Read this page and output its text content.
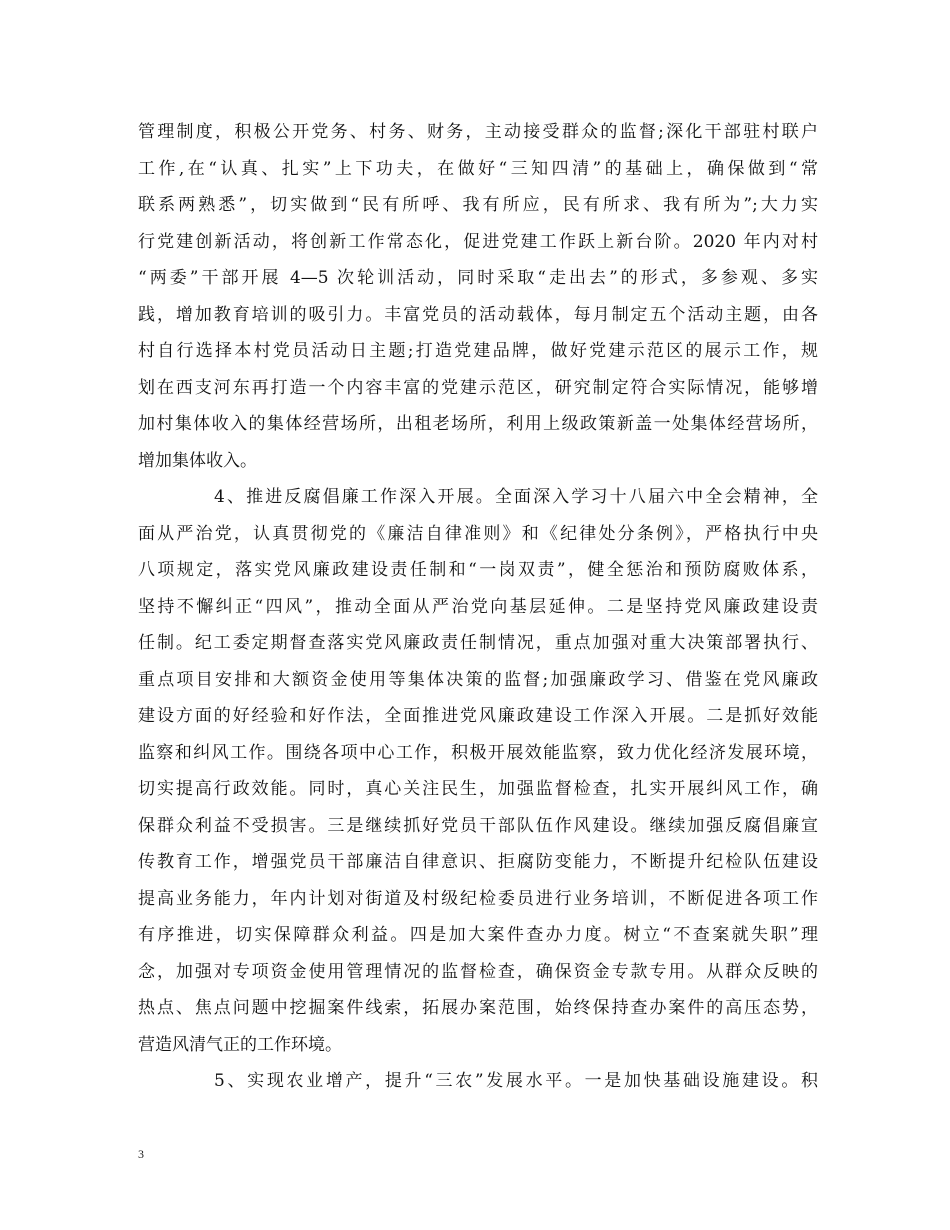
管理制度，积极公开党务、村务、财务，主动接受群众的监督;深化干部驻村联户
工作,在“认真、扎实”上下功夫，在做好“三知四清”的基础上，确保做到“常
联系两熟悉”，切实做到“民有所呼、我有所应，民有所求、我有所为”;大力实
行党建创新活动，将创新工作常态化，促进党建工作跃上新台阶。2020 年内对村
“两委”干部开展 4—5 次轮训活动，同时采取“走出去”的形式，多参观、多实
践，增加教育培训的吸引力。丰富党员的活动载体，每月制定五个活动主题，由各
村自行选择本村党员活动日主题;打造党建品牌，做好党建示范区的展示工作，规
划在西支河东再打造一个内容丰富的党建示范区，研究制定符合实际情况，能够增
加村集体收入的集体经营场所，出租老场所，利用上级政策新盖一处集体经营场所，
增加集体收入。
4、推进反腐倡廉工作深入开展。全面深入学习十八届六中全会精神，全
面从严治党，认真贯彻党的《廉洁自律准则》和《纪律处分条例》，严格执行中央
八项规定，落实党风廉政建设责任制和“一岗双责”，健全惩治和预防腐败体系，
坚持不懈纠正“四风”，推动全面从严治党向基层延伸。二是坚持党风廉政建设责
任制。纪工委定期督查落实党风廉政责任制情况，重点加强对重大决策部署执行、
重点项目安排和大额资金使用等集体决策的监督;加强廉政学习、借鉴在党风廉政
建设方面的好经验和好作法，全面推进党风廉政建设工作深入开展。二是抓好效能
监察和纠风工作。围绕各项中心工作，积极开展效能监察，致力优化经济发展环境，
切实提高行政效能。同时，真心关注民生，加强监督检查，扎实开展纠风工作，确
保群众利益不受损害。三是继续抓好党员干部队伍作风建设。继续加强反腐倡廉宣
传教育工作，增强党员干部廉洁自律意识、拒腐防变能力，不断提升纪检队伍建设
提高业务能力，年内计划对街道及村级纪检委员进行业务培训，不断促进各项工作
有序推进，切实保障群众利益。四是加大案件查办力度。树立“不查案就失职”理
念，加强对专项资金使用管理情况的监督检查，确保资金专款专用。从群众反映的
热点、焦点问题中挖掘案件线索，拓展办案范围，始终保持查办案件的高压态势，
营造风清气正的工作环境。
5、实现农业增产，提升“三农”发展水平。一是加快基础设施建设。积
3
